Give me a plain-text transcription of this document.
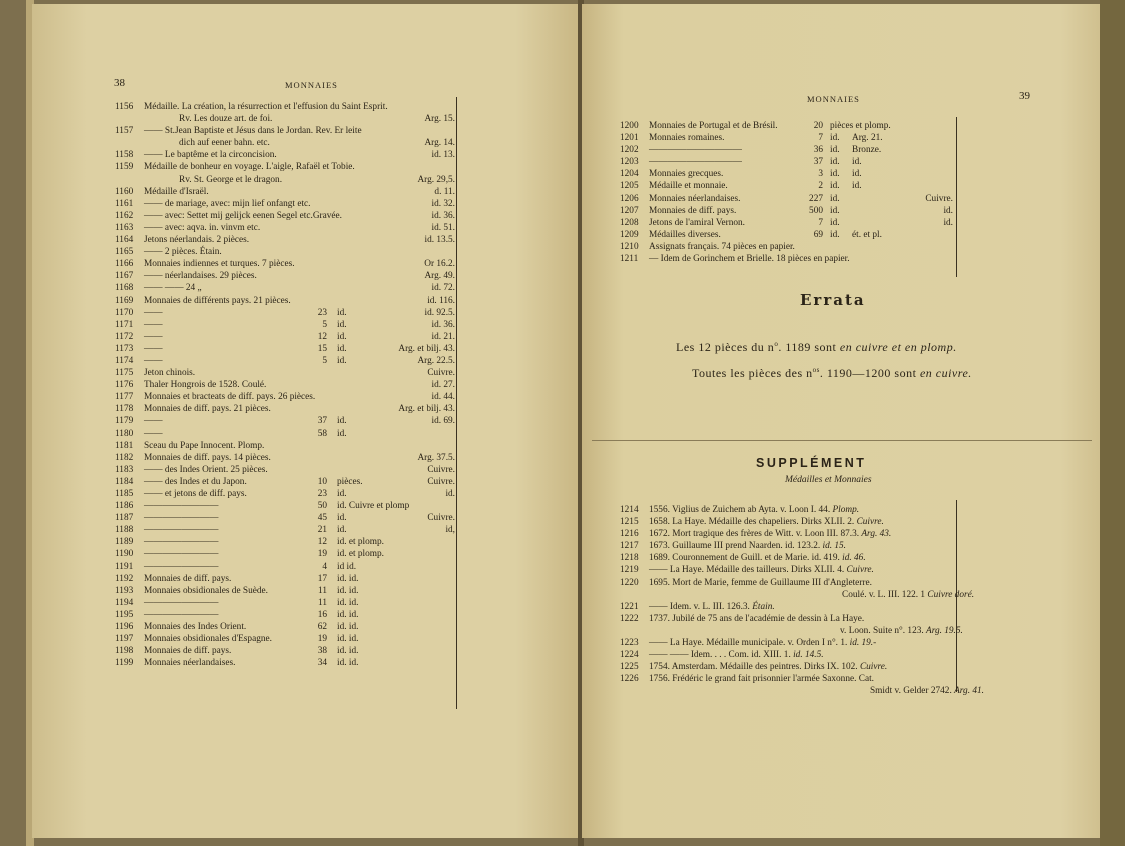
38	MONNAIES
1156 Médaille. La création, la résurrection et l'effusion du Saint Esprit.
Rv. Les douze art. de foi.	Arg. 15.
1157 —— St.Jean Baptiste et Jésus dans le Jordan. Rev. Er leite
dich auf eener bahn. etc.	Arg. 14.
1158 —— Le baptême et la circoncision.	id. 13.
1159 Médaille de bonheur en voyage. L'aigle, Rafaël et Tobie.
Rv. St. George et le dragon.	Arg. 29,5.
1160 Médaille d'Israël.	d. 11.
1161 —— de mariage, avec: mijn lief onfangt etc.	id. 32.
1162 —— avec: Settet mij gelijck eenen Segel etc.Gravée.	id. 36.
1163 —— avec: aqva. in. vinvm etc.	id. 51.
1164 Jetons néerlandais. 2 pièces.	id. 13.5.
1165 —— 2 pièces. Étain.
1166 Monnaies indiennes et turques. 7 pièces.	Or 16.2.
1167 —— néerlandaises. 29 pièces.	Arg. 49.
1168 —— —— 24 „	id. 72.
1169 Monnaies de différents pays. 21 pièces.	id. 116.
1170 ——	23 id.	id. 92.5.
1171 ——	5 id.	id. 36.
1172 ——	12 id.	id. 21.
1173 ——	15 id.	Arg. et bilj. 43.
1174 ——	5 id.	Arg. 22.5.
1175 Jeton chinois.	Cuivre.
1176 Thaler Hongrois de 1528. Coulé.	id. 27.
1177 Monnaies et bracteats de diff. pays. 26 pièces.	id. 44.
1178 Monnaies de diff. pays. 21 pièces.	Arg. et bilj. 43.
1179 ——	37 id.	id. 69.
1180 ——	58 id.
1181 Sceau du Pape Innocent. Plomp.
1182 Monnaies de diff. pays. 14 pièces.	Arg. 37.5.
1183 —— des Indes Orient. 25 pièces.	Cuivre.
1184 —— des Indes et du Japon.	10 pièces.	Cuivre.
1185 —— et jetons de diff. pays.	23 id.	id.
1186 ————————	50 id. Cuivre et plomp
1187 ————————	45 id.	Cuivre.
1188 ————————	21 id.	id,
1189 ————————	12 id. et plomp.
1190 ————————	19 id. et plomp.
1191 ————————	4 id id.
1192 Monnaies de diff. pays.	17 id. id.
1193 Monnaies obsidionales de Suède.	11 id. id.
1194 ————————	11 id. id.
1195 ————————	16 id. id.
1196 Monnaies des Indes Orient.	62 id. id.
1197 Monnaies obsidionales d'Espagne.	19 id. id.
1198 Monnaies de diff. pays.	38 id. id.
1199 Monnaies néerlandaises.	34 id. id.
39
MONNAIES
1200 Monnaies de Portugal et de Brésil.	20 pièces et plomp.
1201 Monnaies romaines.	7 id. Arg. 21.
1202 ——————————	36 id. Bronze.
1203 ——————————	37 id. id.
1204 Monnaies grecques.	3 id. id.
1205 Médaille et monnaie.	2 id. id.
1206 Monnaies néerlandaises.	227 id.	Cuivre.
1207 Monnaies de diff. pays.	500 id.	id.
1208 Jetons de l'amiral Vernon.	7 id.	id.
1209 Médailles diverses.	69 id. ét. et pl.
1210 Assignats français. 74 pièces en papier.
1211 — Idem de Gorinchem et Brielle. 18 pièces en papier.
Errata
Les 12 pièces du $n^o$. 1189 sont en cuivre et en plomp.
Toutes les pièces des $n^{os}$. 1190—1200 sont en cuivre.
SUPPLÉMENT
Médailles et Monnaies
1214 1556. Viglius de Zuichem ab Ayta. v. Loon I. 44. Plomp.
1215 1658. La Haye. Médaille des chapeliers. Dirks XLII. 2. Cuivre.
1216 1672. Mort tragique des frères de Witt. v. Loon III. 87.3. Arg. 43.
1217 1673. Guillaume III prend Naarden. id. 123.2. id. 15.
1218 1689. Couronnement de Guill. et de Marie. id. 419. id. 46.
1219 —— La Haye. Médaille des tailleurs. Dirks XLII. 4. Cuivre.
1220 1695. Mort de Marie, femme de Guillaume III d'Angleterre.
Coulé. v. L. III. 122. 1 Cuivre doré.
1221 —— Idem. v. L. III. 126.3. Étain.
1222 1737. Jubilé de 75 ans de l'académie de dessin à La Haye.
v. Loon. Suite n°. 123. Arg. 19.5.
1223 —— La Haye. Médaille municipale. v. Orden I n°. 1. id. 19.-
1224 —— —— Idem. . . . Com. id. XIII. 1. id. 14.5.
1225 1754. Amsterdam. Médaille des peintres. Dirks IX. 102. Cuivre.
1226 1756. Frédéric le grand fait prisonnier l'armée Saxonne. Cat.
Smidt v. Gelder 2742. Arg. 41.
